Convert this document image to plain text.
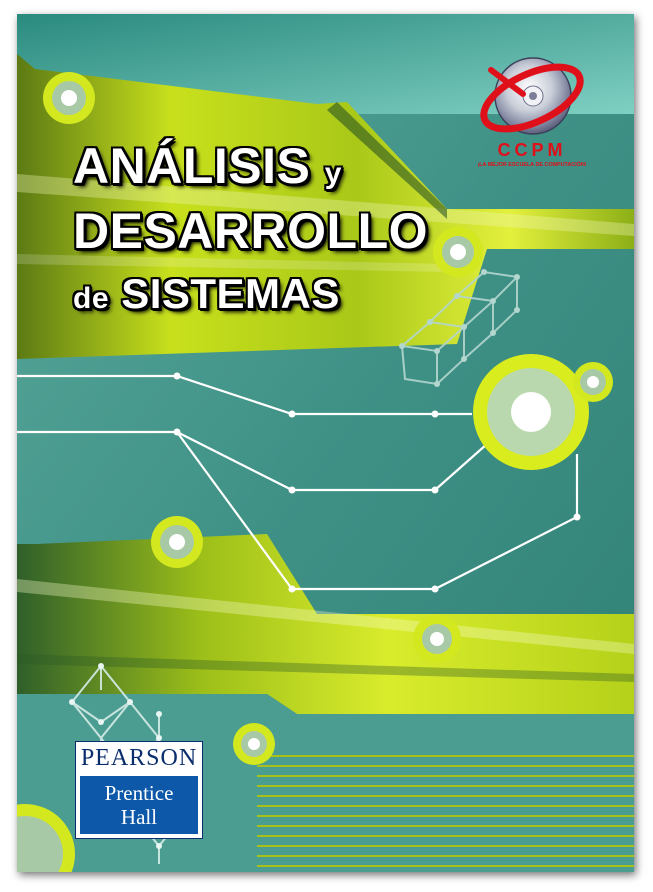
ANÁLISIS y
DESARROLLO
de SISTEMAS
CCPM
¡LA MEJOR ESCUELA DE COMPUTACIÓN!
PEARSON
Prentice
Hall
